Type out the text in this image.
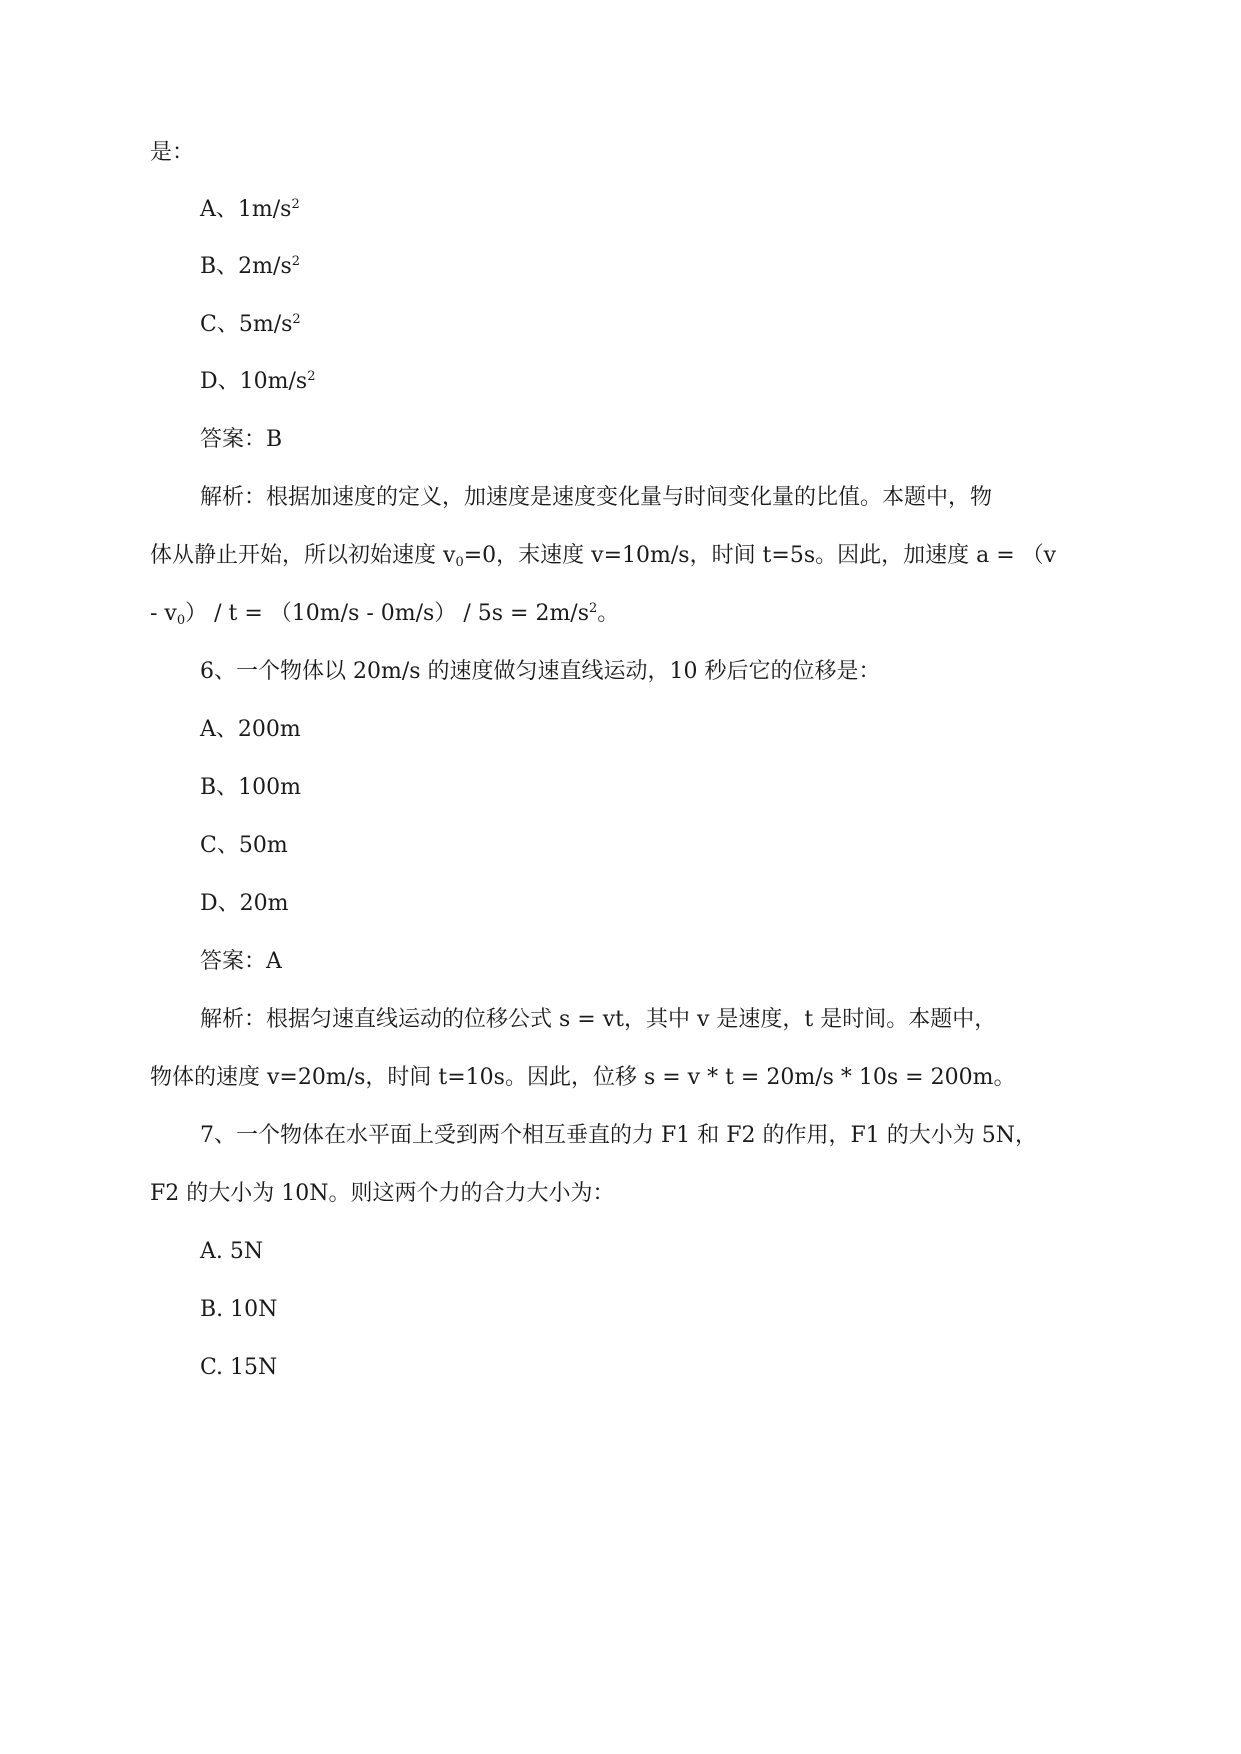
是：
A、$1m/s^2$
B、$2m/s^2$
C、$5m/s^2$
D、$10m/s^2$
答案：B
解析：根据加速度的定义，加速度是速度变化量与时间变化量的比值。本题中，物
体从静止开始，所以初始速度 $v_0=0$，末速度 v=10m/s，时间 t=5s。因此，加速度 a = （v
- $v_0) / t = (10m/s - 0m/s) / 5s = 2m/s^2$。
6、一个物体以 20m/s 的速度做匀速直线运动，10 秒后它的位移是：
A、200m
B、100m
C、50m
D、20m
答案：A
解析：根据匀速直线运动的位移公式 s = vt，其中 v 是速度，t 是时间。本题中，
物体的速度 v=20m/s，时间 t=10s。因此，位移 s = v * t = 20m/s * 10s = 200m。
7、一个物体在水平面上受到两个相互垂直的力 F1 和 F2 的作用，F1 的大小为 5N，
F2 的大小为 10N。则这两个力的合力大小为：
A. 5N
B. 10N
C. 15N
